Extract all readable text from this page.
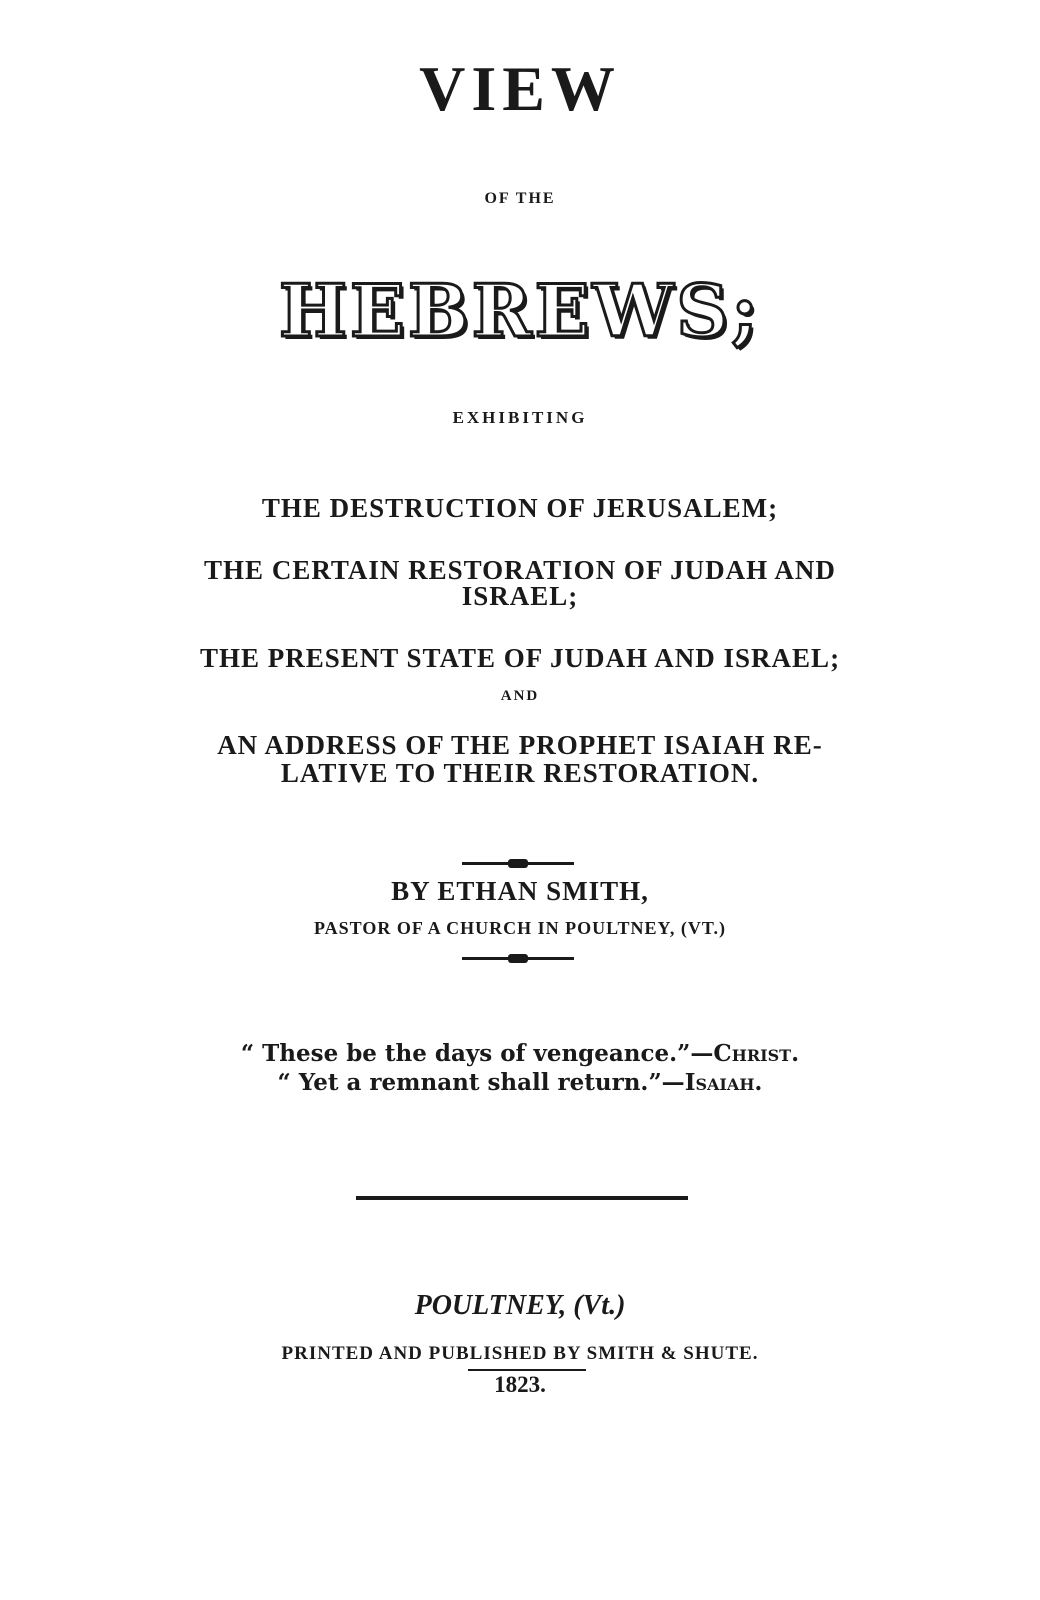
VIEW
OF THE
HEBREWS;
EXHIBITING
THE DESTRUCTION OF JERUSALEM;
THE CERTAIN RESTORATION OF JUDAH AND
ISRAEL;
THE PRESENT STATE OF JUDAH AND ISRAEL;
AND
AN ADDRESS OF THE PROPHET ISAIAH RE-
LATIVE TO THEIR RESTORATION.
BY ETHAN SMITH,
PASTOR OF A CHURCH IN POULTNEY, (VT.)
“ These be the days of vengeance.”—Christ.
“ Yet a remnant shall return.”—Isaiah.
POULTNEY, (Vt.)
PRINTED AND PUBLISHED BY SMITH & SHUTE.
1823.
